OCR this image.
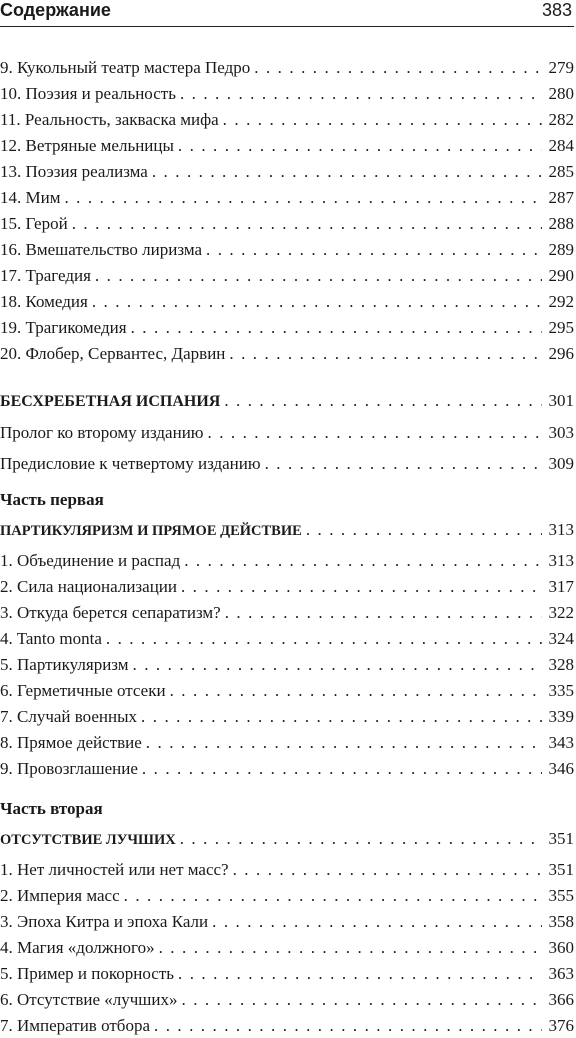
Содержание	383
9. Кукольный театр мастера Педро . . .	279
10. Поэзия и реальность . . .	280
11. Реальность, закваска мифа . . .	282
12. Ветряные мельницы . . .	284
13. Поэзия реализма . . .	285
14. Мим . . .	287
15. Герой . . .	288
16. Вмешательство лиризма . . .	289
17. Трагедия . . .	290
18. Комедия . . .	292
19. Трагикомедия . . .	295
20. Флобер, Сервантес, Дарвин . . .	296
БЕСХРЕБЕТНАЯ ИСПАНИЯ . . .	301
Пролог ко второму изданию . . .	303
Предисловие к четвертому изданию . . .	309
Часть первая
ПАРТИКУЛЯРИЗМ И ПРЯМОЕ ДЕЙСТВИЕ . . .	313
1. Объединение и распад . . .	313
2. Сила национализации . . .	317
3. Откуда берется сепаратизм? . . .	322
4. Tanto monta . . .	324
5. Партикуляризм . . .	328
6. Герметичные отсеки . . .	335
7. Случай военных . . .	339
8. Прямое действие . . .	343
9. Провозглашение . . .	346
Часть вторая
ОТСУТСТВИЕ ЛУЧШИХ . . .	351
1. Нет личностей или нет масс? . . .	351
2. Империя масс . . .	355
3. Эпоха Китра и эпоха Кали . . .	358
4. Магия «должного» . . .	360
5. Пример и покорность . . .	363
6. Отсутствие «лучших» . . .	366
7. Императив отбора . . .	376
